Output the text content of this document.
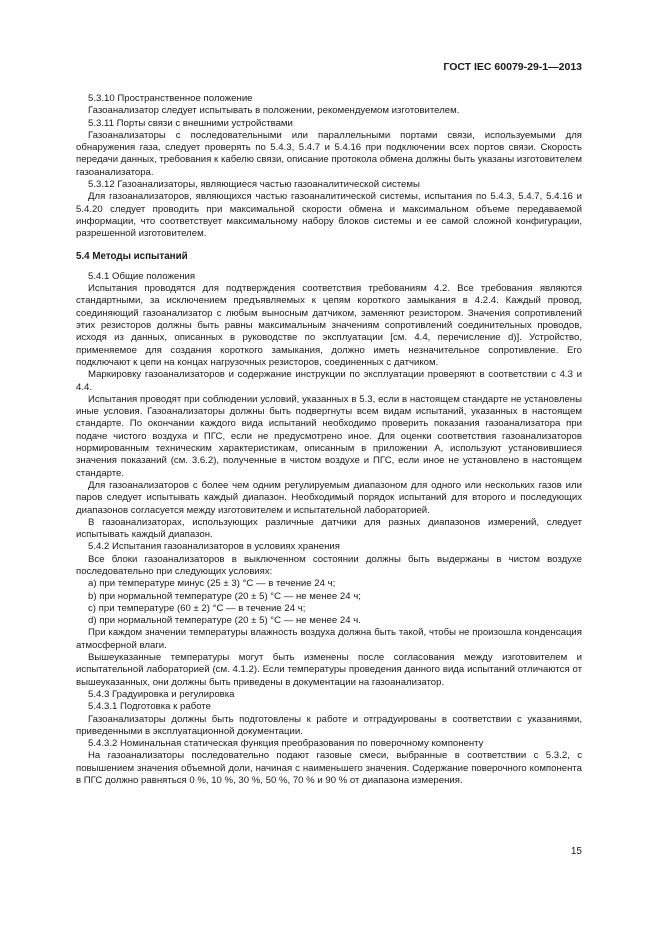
ГОСТ IEC 60079-29-1—2013

5.3.10 Пространственное положение

Газоанализатор следует испытывать в положении, рекомендуемом изготовителем.

5.3.11 Порты связи с внешними устройствами

Газоанализаторы с последовательными или параллельными портами связи, используемыми для обнаружения газа, следует проверять по 5.4.3, 5.4.7 и 5.4.16 при подключении всех портов связи. Скорость передачи данных, требования к кабелю связи, описание протокола обмена должны быть указаны изготовителем газоанализатора.

5.3.12 Газоанализаторы, являющиеся частью газоаналитической системы

Для газоанализаторов, являющихся частью газоаналитической системы, испытания по 5.4.3, 5.4.7, 5.4.16 и 5.4.20 следует проводить при максимальной скорости обмена и максимальном объеме передаваемой информации, что соответствует максимальному набору блоков системы и ее самой сложной конфигурации, разрешенной изготовителем.

5.4 Методы испытаний

5.4.1 Общие положения

Испытания проводятся для подтверждения соответствия требованиям 4.2. Все требования являются стандартными, за исключением предъявляемых к цепям короткого замыкания в 4.2.4. Каждый провод, соединяющий газоанализатор с любым выносным датчиком, заменяют резистором. Значения сопротивлений этих резисторов должны быть равны максимальным значениям сопротивлений соединительных проводов, исходя из данных, описанных в руководстве по эксплуатации [см. 4.4, перечисление d)]. Устройство, применяемое для создания короткого замыкания, должно иметь незначительное сопротивление. Его подключают к цепи на концах нагрузочных резисторов, соединенных с датчиком.

Маркировку газоанализаторов и содержание инструкции по эксплуатации проверяют в соответствии с 4.3 и 4.4.

Испытания проводят при соблюдении условий, указанных в 5.3, если в настоящем стандарте не установлены иные условия. Газоанализаторы должны быть подвергнуты всем видам испытаний, указанных в настоящем стандарте. По окончании каждого вида испытаний необходимо проверить показания газоанализатора при подаче чистого воздуха и ПГС, если не предусмотрено иное. Для оценки соответствия газоанализаторов нормированным техническим характеристикам, описанным в приложении А, используют установившиеся значения показаний (см. 3.6.2), полученные в чистом воздухе и ПГС, если иное не установлено в настоящем стандарте.

Для газоанализаторов с более чем одним регулируемым диапазоном для одного или нескольких газов или паров следует испытывать каждый диапазон. Необходимый порядок испытаний для второго и последующих диапазонов согласуется между изготовителем и испытательной лабораторией.

В газоанализаторах, использующих различные датчики для разных диапазонов измерений, следует испытывать каждый диапазон.

5.4.2 Испытания газоанализаторов в условиях хранения

Все блоки газоанализаторов в выключенном состоянии должны быть выдержаны в чистом воздухе последовательно при следующих условиях:

а) при температуре минус (25 ± 3) °С — в течение 24 ч;

b) при нормальной температуре (20 ± 5) °С — не менее 24 ч;

с) при температуре (60 ± 2) °С — в течение 24 ч;

d) при нормальной температуре (20 ± 5) °С — не менее 24 ч.

При каждом значении температуры влажность воздуха должна быть такой, чтобы не произошла конденсация атмосферной влаги.

Вышеуказанные температуры могут быть изменены после согласования между изготовителем и испытательной лабораторией (см. 4.1.2). Если температуры проведения данного вида испытаний отличаются от вышеуказанных, они должны быть приведены в документации на газоанализатор.

5.4.3 Градуировка и регулировка

5.4.3.1 Подготовка к работе

Газоанализаторы должны быть подготовлены к работе и отградуированы в соответствии с указаниями, приведенными в эксплуатационной документации.

5.4.3.2 Номинальная статическая функция преобразования по поверочному компоненту

На газоанализаторы последовательно подают газовые смеси, выбранные в соответствии с 5.3.2, с повышением значения объемной доли, начиная с наименьшего значения. Содержание поверочного компонента в ПГС должно равняться 0 %, 10 %, 30 %, 50 %, 70 % и 90 % от диапазона измерения.

15
